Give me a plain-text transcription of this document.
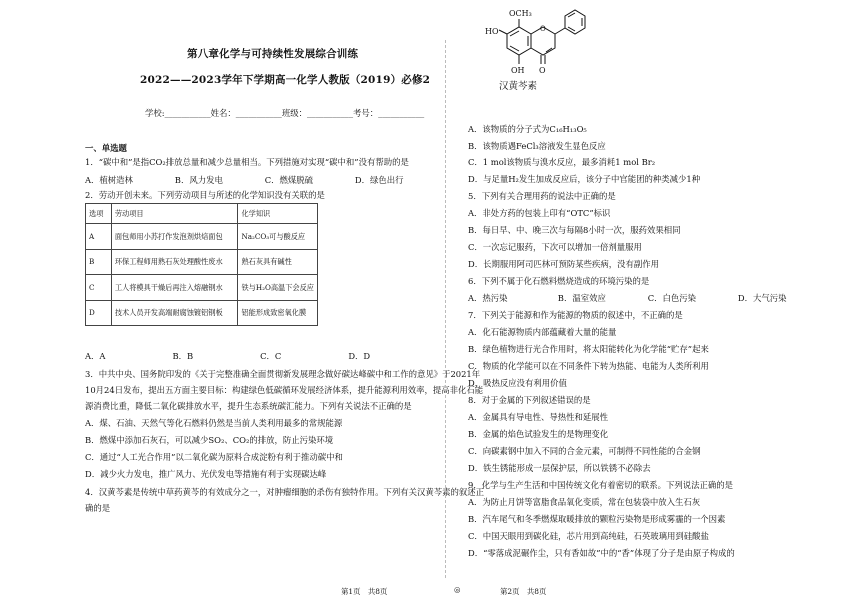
第八章化学与可持续性发展综合训练
2022——2023学年下学期高一化学人教版（2019）必修2
学校:___________姓名：___________班级：___________考号：___________
一、单选题
1．“碳中和”是指CO₂排放总量和减少总量相当。下列措施对实现“碳中和”没有帮助的是
A．植树造林　　　　　B．风力发电　　　　　C．燃煤脱硫　　　　　D．绿色出行
2．劳动开创未来。下列劳动项目与所述的化学知识没有关联的是
选项	劳动项目	化学知识
A	面包师用小苏打作发泡剂烘焙面包	Na₂CO₃可与酸反应
B	环保工程师用熟石灰处理酸性废水	熟石灰具有碱性
C	工人将模具干燥后再注入熔融钢水	铁与H₂O高温下会反应
D	技术人员开发高端耐腐蚀镀铝钢板	铝能形成致密氧化膜
A．A　　　　　　　　B．B　　　　　　　　C．C　　　　　　　　D．D
3．中共中央、国务院印发的《关于完整准确全面贯彻新发展理念做好碳达峰碳中和工作的意见》于2021年
10月24日发布，提出五方面主要目标：构建绿色低碳循环发展经济体系，提升能源利用效率，提高非化石能
源消费比重，降低二氧化碳排放水平，提升生态系统碳汇能力。下列有关说法不正确的是
A．煤、石油、天然气等化石燃料仍然是当前人类利用最多的常规能源
B．燃煤中添加石灰石，可以减少SO₂、CO₂的排放，防止污染环境
C．通过“人工光合作用”以二氧化碳为原料合成淀粉有利于推动碳中和
D．减少火力发电，推广风力、光伏发电等措施有利于实现碳达峰
4．汉黄芩素是传统中草药黄芩的有效成分之一，对肿瘤细胞的杀伤有独特作用。下列有关汉黄芩素的叙述正
确的是
OCH₃
HO
OH O
O
汉黄芩素
A．该物质的分子式为C₁₆H₁₃O₅
B．该物质遇FeCl₃溶液发生显色反应
C．1 mol该物质与溴水反应，最多消耗1 mol Br₂
D．与足量H₂发生加成反应后，该分子中官能团的种类减少1种
5．下列有关合理用药的说法中正确的是
A．非处方药的包装上印有“OTC”标识
B．每日早、中、晚三次与每隔8小时一次，服药效果相同
C．一次忘记服药，下次可以增加一倍剂量服用
D．长期服用阿司匹林可预防某些疾病，没有副作用
6．下列不属于化石燃料燃烧造成的环境污染的是
A．热污染　　　　　　B．温室效应　　　　　C．白色污染　　　　　D．大气污染
7．下列关于能源和作为能源的物质的叙述中，不正确的是
A．化石能源物质内部蕴藏着大量的能量
B．绿色植物进行光合作用时，将太阳能转化为化学能“贮存”起来
C．物质的化学能可以在不同条件下转为热能、电能为人类所利用
D．吸热反应没有利用价值
8．对于金属的下列叙述错误的是
A．金属具有导电性、导热性和延展性
B．金属的焰色试验发生的是物理变化
C．向碳素钢中加入不同的合金元素，可制得不同性能的合金钢
D．铁生锈能形成一层保护层，所以铁锈不必除去
9．化学与生产生活和中国传统文化有着密切的联系。下列说法正确的是
A．为防止月饼等富脂食品氧化变质，常在包装袋中放入生石灰
B．汽车尾气和冬季燃煤取暖排放的颗粒污染物是形成雾霾的一个因素
C．中国天眼用到碳化硅，芯片用到高纯硅，石英玻璃用到硅酸盐
D．“零落成泥碾作尘，只有香如故”中的“香”体现了分子是由原子构成的
第1页　共8页	◎	第2页　共8页
